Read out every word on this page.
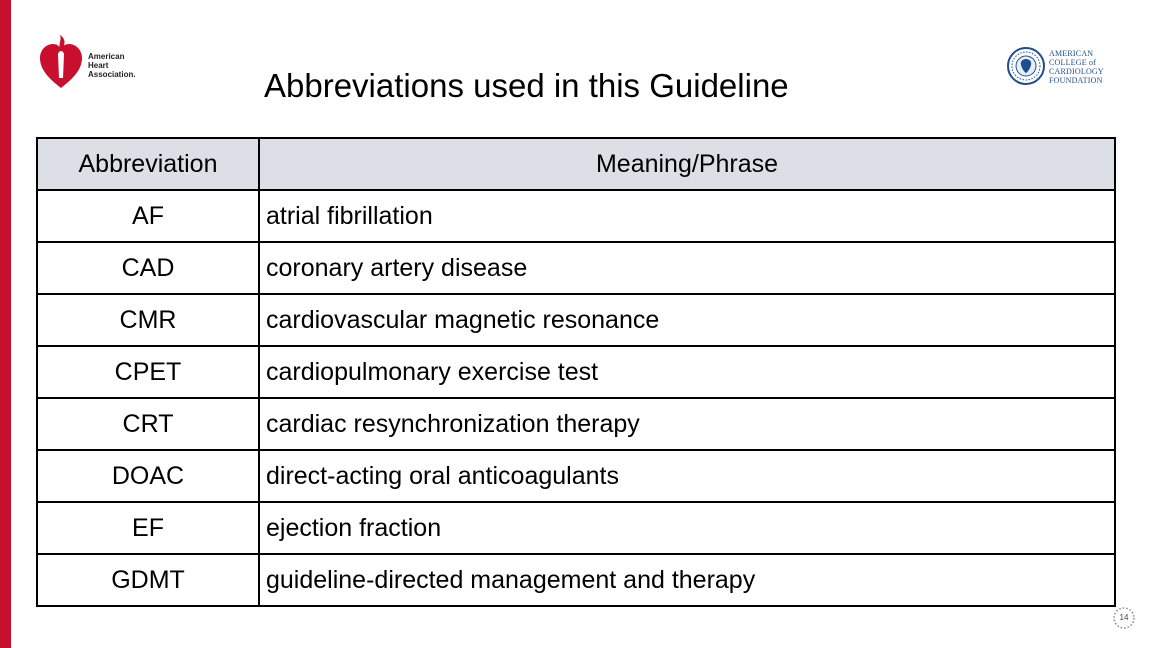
American
Heart
Association.	Abbreviations used in this Guideline
AMERICAN
COLLEGE of
CARDIOLOGY
FOUNDATION
Abbreviation	Meaning/Phrase
AF	atrial fibrillation
CAD	coronary artery disease
CMR	cardiovascular magnetic resonance
CPET	cardiopulmonary exercise test
CRT	cardiac resynchronization therapy
DOAC	direct-acting oral anticoagulants
EF	ejection fraction
GDMT	guideline-directed management and therapy
14
